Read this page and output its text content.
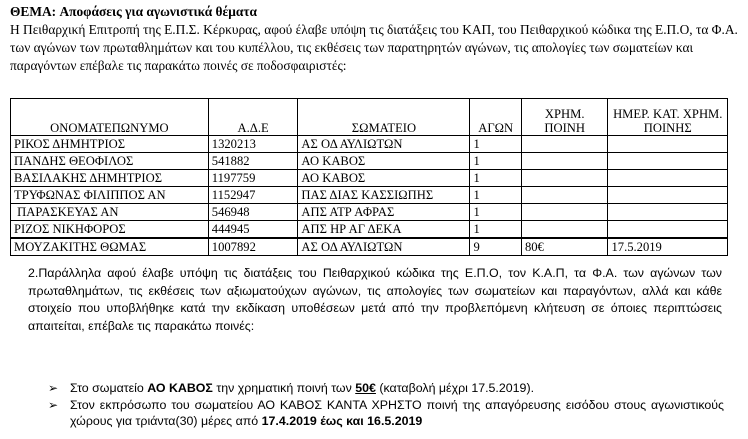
ΘΕΜΑ: Αποφάσεις για αγωνιστικά θέματα

Η Πειθαρχική Επιτροπή της Ε.Π.Σ. Κέρκυρας, αφού έλαβε υπόψη τις διατάξεις του ΚΑΠ, του Πειθαρχικού κώδικα της Ε.Π.Ο, τα Φ.Α. των αγώνων των πρωταθλημάτων και του κυπέλλου, τις εκθέσεις των παρατηρητών αγώνων, τις απολογίες των σωματείων και παραγόντων επέβαλε τις παρακάτω ποινές σε ποδοσφαιριστές:

ΟΝΟΜΑΤΕΠΩΝΥΜΟ	Α.Δ.Ε	ΣΩΜΑΤΕΙΟ	ΑΓΩΝ	ΧΡΗΜ. ΠΟΙΝΗ	ΗΜΕΡ. ΚΑΤ. ΧΡΗΜ. ΠΟΙΝΗΣ
ΡΙΚΟΣ ΔΗΜΗΤΡΙΟΣ	1320213	ΑΣ ΟΔ ΑΥΛΙΩΤΩΝ	1		
ΠΑΝΔΗΣ ΘΕΟΦΙΛΟΣ	541882	ΑΟ ΚΑΒΟΣ	1		
ΒΑΣΙΛΑΚΗΣ ΔΗΜΗΤΡΙΟΣ	1197759	ΑΟ ΚΑΒΟΣ	1		
ΤΡΥΦΩΝΑΣ ΦΙΛΙΠΠΟΣ ΑΝ	1152947	ΠΑΣ ΔΙΑΣ ΚΑΣΣΙΩΠΗΣ	1		
ΠΑΡΑΣΚΕΥΑΣ ΑΝ	546948	ΑΠΣ ΑΤΡ ΑΦΡΑΣ	1		
ΡΙΖΟΣ ΝΙΚΗΦΟΡΟΣ	444945	ΑΠΣ ΗΡ ΑΓ ΔΕΚΑ	1		
ΜΟΥΖΑΚΙΤΗΣ ΘΩΜΑΣ	1007892	ΑΣ ΟΔ ΑΥΛΙΩΤΩΝ	9	80€	17.5.2019

2.Παράλληλα αφού έλαβε υπόψη τις διατάξεις του Πειθαρχικού κώδικα της Ε.Π.Ο, τον Κ.Α.Π, τα Φ.Α. των αγώνων των πρωταθλημάτων, τις εκθέσεις των αξιωματούχων αγώνων, τις απολογίες των σωματείων και παραγόντων, αλλά και κάθε στοιχείο που υποβλήθηκε κατά την εκδίκαση υποθέσεων μετά από την προβλεπόμενη κλήτευση σε όποιες περιπτώσεις απαιτείται, επέβαλε τις παρακάτω ποινές:

➢ Στο σωματείο ΑΟ ΚΑΒΟΣ την χρηματική ποινή των 50€ (καταβολή μέχρι 17.5.2019).
➢ Στον εκπρόσωπο του σωματείου ΑΟ ΚΑΒΟΣ ΚΑΝΤΑ ΧΡΗΣΤΟ ποινή της απαγόρευσης εισόδου στους αγωνιστικούς χώρους για τριάντα(30) μέρες από 17.4.2019 έως και 16.5.2019
